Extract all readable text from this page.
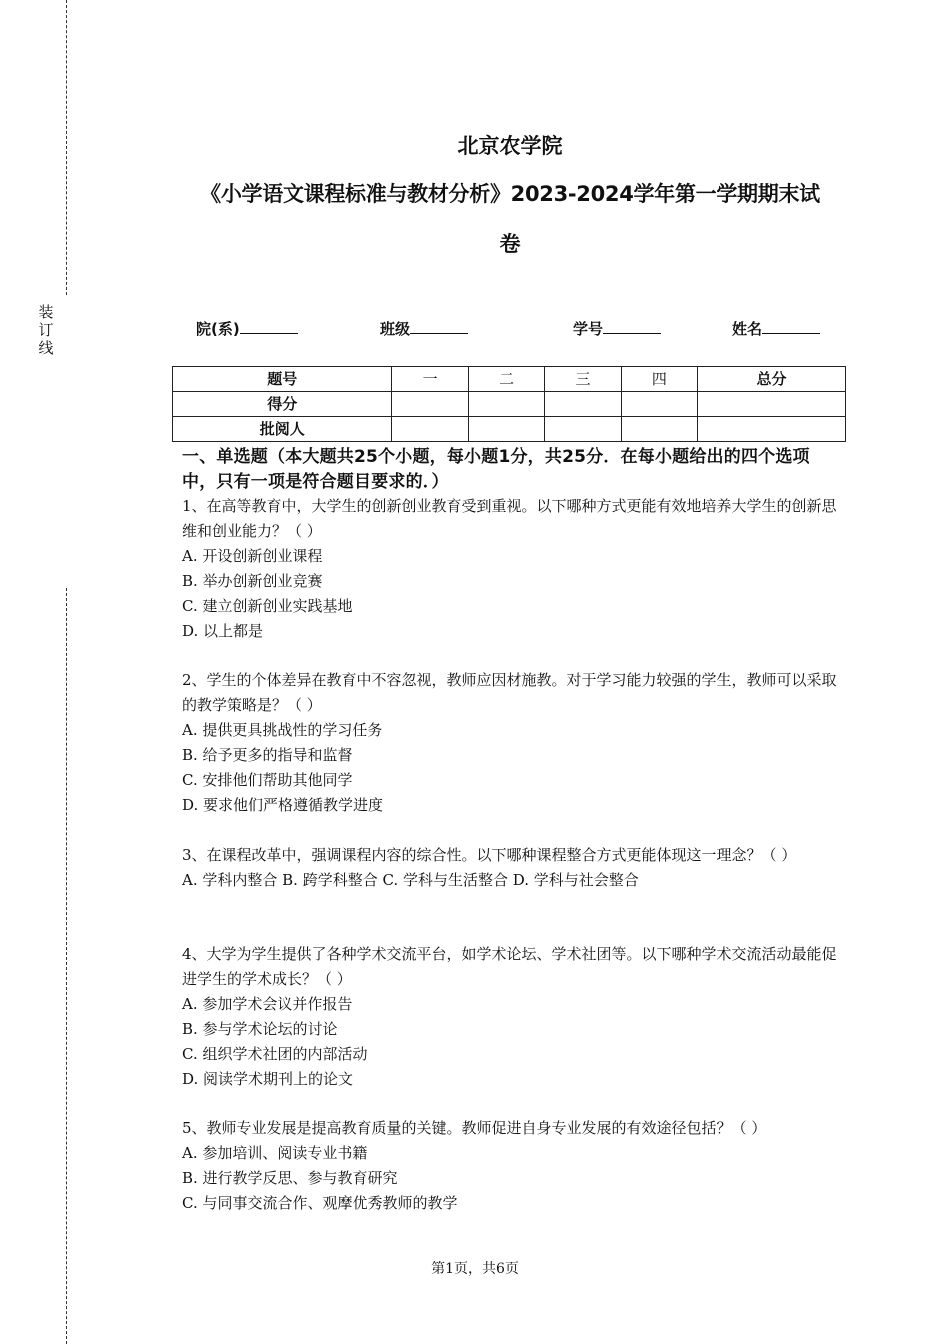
装
订
线
北京农学院
《小学语文课程标准与教材分析》2023-2024学年第一学期期末试
卷
院(系)	班级	学号	姓名
题号	一	二	三	四	总分
得分					
批阅人					
一、单选题（本大题共25个小题，每小题1分，共25分．在每小题给出的四个选项中，只有一项是符合题目要求的．）

1、在高等教育中，大学生的创新创业教育受到重视。以下哪种方式更能有效地培养大学生的创新思维和创业能力？（ ）

A. 开设创新创业课程

B. 举办创新创业竞赛

C. 建立创新创业实践基地

D. 以上都是

2、学生的个体差异在教育中不容忽视，教师应因材施教。对于学习能力较强的学生，教师可以采取的教学策略是？（ ）

A. 提供更具挑战性的学习任务

B. 给予更多的指导和监督

C. 安排他们帮助其他同学

D. 要求他们严格遵循教学进度

3、在课程改革中，强调课程内容的综合性。以下哪种课程整合方式更能体现这一理念？（ ）

A. 学科内整合 B. 跨学科整合 C. 学科与生活整合 D. 学科与社会整合

4、大学为学生提供了各种学术交流平台，如学术论坛、学术社团等。以下哪种学术交流活动最能促进学生的学术成长？（ ）

A. 参加学术会议并作报告

B. 参与学术论坛的讨论

C. 组织学术社团的内部活动

D. 阅读学术期刊上的论文

5、教师专业发展是提高教育质量的关键。教师促进自身专业发展的有效途径包括？（ ）

A. 参加培训、阅读专业书籍

B. 进行教学反思、参与教育研究

C. 与同事交流合作、观摩优秀教师的教学

第1页，共6页
